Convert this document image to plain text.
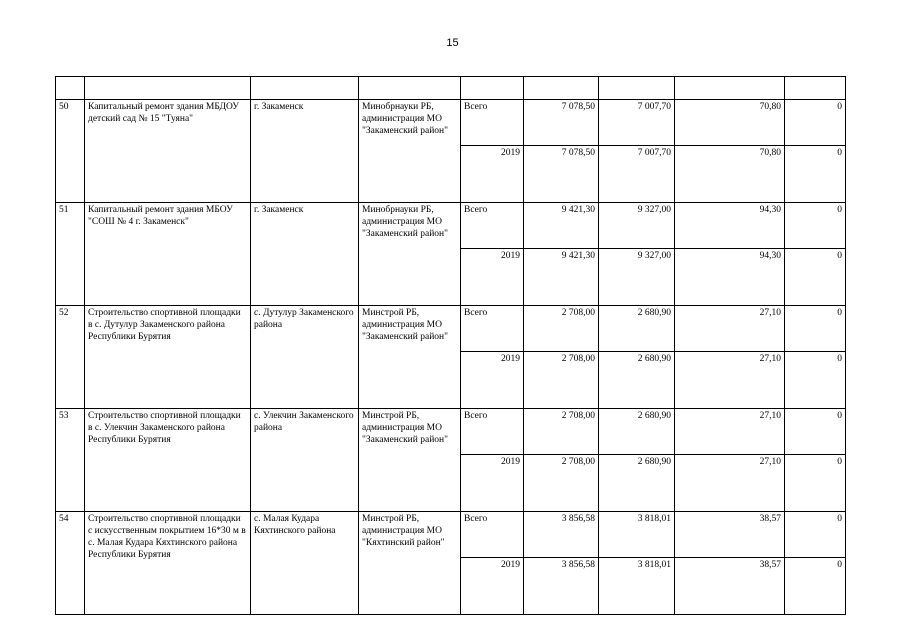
15

50	Капитальный ремонт здания МБДОУ детский сад № 15 "Туяна"	г. Закаменск	Минобрнауки РБ, администрация МО "Закаменский район"	Всего	7 078,50	7 007,70	70,80	0
				2019	7 078,50	7 007,70	70,80	0
51	Капитальный ремонт здания МБОУ "СОШ № 4 г. Закаменск"	г. Закаменск	Минобрнауки РБ, администрация МО "Закаменский район"	Всего	9 421,30	9 327,00	94,30	0
				2019	9 421,30	9 327,00	94,30	0
52	Строительство спортивной площадки в с. Дутулур Закаменского района Республики Бурятия	с. Дутулур Закаменского района	Минстрой РБ, администрация МО "Закаменский район"	Всего	2 708,00	2 680,90	27,10	0
				2019	2 708,00	2 680,90	27,10	0
53	Строительство спортивной площадки в с. Улекчин Закаменского района Республики Бурятия	с. Улекчин Закаменского района	Минстрой РБ, администрация МО "Закаменский район"	Всего	2 708,00	2 680,90	27,10	0
				2019	2 708,00	2 680,90	27,10	0
54	Строительство спортивной площадки с искусственным покрытием 16*30 м в с. Малая Кудара Кяхтинского района Республики Бурятия	с. Малая Кудара Кяхтинского района	Минстрой РБ, администрация МО "Кяхтинский район"	Всего	3 856,58	3 818,01	38,57	0
				2019	3 856,58	3 818,01	38,57	0
